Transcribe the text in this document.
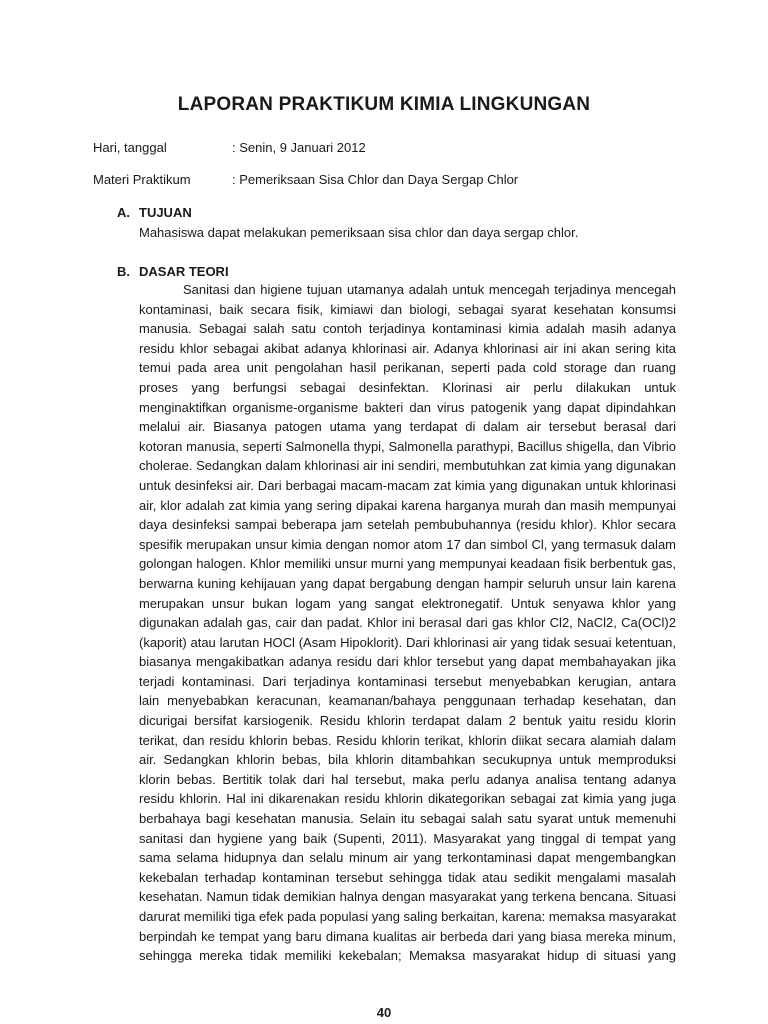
LAPORAN PRAKTIKUM KIMIA LINGKUNGAN
Hari, tanggal	: Senin, 9 Januari 2012
Materi Praktikum	: Pemeriksaan Sisa Chlor dan Daya Sergap Chlor
A. TUJUAN
Mahasiswa dapat melakukan pemeriksaan sisa chlor dan daya sergap chlor.
B. DASAR TEORI
Sanitasi dan higiene tujuan utamanya adalah untuk mencegah terjadinya mencegah
kontaminasi, baik secara fisik, kimiawi dan biologi, sebagai syarat kesehatan konsumsi
manusia. Sebagai salah satu contoh terjadinya kontaminasi kimia adalah masih adanya
residu khlor sebagai akibat adanya khlorinasi air. Adanya khlorinasi air ini akan sering kita
temui pada area unit pengolahan hasil perikanan, seperti pada cold storage dan ruang
proses yang berfungsi sebagai desinfektan. Klorinasi air perlu dilakukan untuk
menginaktifkan organisme-organisme bakteri dan virus patogenik yang dapat dipindahkan
melalui air. Biasanya patogen utama yang terdapat di dalam air tersebut berasal dari
kotoran manusia, seperti Salmonella thypi, Salmonella parathypi, Bacillus shigella, dan Vibrio
cholerae. Sedangkan dalam khlorinasi air ini sendiri, membutuhkan zat kimia yang digunakan
untuk desinfeksi air. Dari berbagai macam-macam zat kimia yang digunakan untuk khlorinasi
air, klor adalah zat kimia yang sering dipakai karena harganya murah dan masih mempunyai
daya desinfeksi sampai beberapa jam setelah pembubuhannya (residu khlor). Khlor secara
spesifik merupakan unsur kimia dengan nomor atom 17 dan simbol Cl, yang termasuk dalam
golongan halogen. Khlor memiliki unsur murni yang mempunyai keadaan fisik berbentuk gas,
berwarna kuning kehijauan yang dapat bergabung dengan hampir seluruh unsur lain karena
merupakan unsur bukan logam yang sangat elektronegatif. Untuk senyawa khlor yang
digunakan adalah gas, cair dan padat. Khlor ini berasal dari gas khlor Cl2, NaCl2, Ca(OCl)2
(kaporit) atau larutan HOCl (Asam Hipoklorit). Dari khlorinasi air yang tidak sesuai ketentuan,
biasanya mengakibatkan adanya residu dari khlor tersebut yang dapat membahayakan jika
terjadi kontaminasi. Dari terjadinya kontaminasi tersebut menyebabkan kerugian, antara
lain menyebabkan keracunan, keamanan/bahaya penggunaan terhadap kesehatan, dan
dicurigai bersifat karsiogenik. Residu khlorin terdapat dalam 2 bentuk yaitu residu klorin
terikat, dan residu khlorin bebas. Residu khlorin terikat, khlorin diikat secara alamiah dalam
air. Sedangkan khlorin bebas, bila khlorin ditambahkan secukupnya untuk memproduksi
klorin bebas. Bertitik tolak dari hal tersebut, maka perlu adanya analisa tentang adanya
residu khlorin. Hal ini dikarenakan residu khlorin dikategorikan sebagai zat kimia yang juga
berbahaya bagi kesehatan manusia. Selain itu sebagai salah satu syarat untuk memenuhi
sanitasi dan hygiene yang baik (Supenti, 2011). Masyarakat yang tinggal di tempat yang
sama selama hidupnya dan selalu minum air yang terkontaminasi dapat mengembangkan
kekebalan terhadap kontaminan tersebut sehingga tidak atau sedikit mengalami masalah
kesehatan. Namun tidak demikian halnya dengan masyarakat yang terkena bencana. Situasi
darurat memiliki tiga efek pada populasi yang saling berkaitan, karena: memaksa masyarakat
berpindah ke tempat yang baru dimana kualitas air berbeda dari yang biasa mereka minum,
sehingga mereka tidak memiliki kekebalan; Memaksa masyarakat hidup di situasi yang
40
